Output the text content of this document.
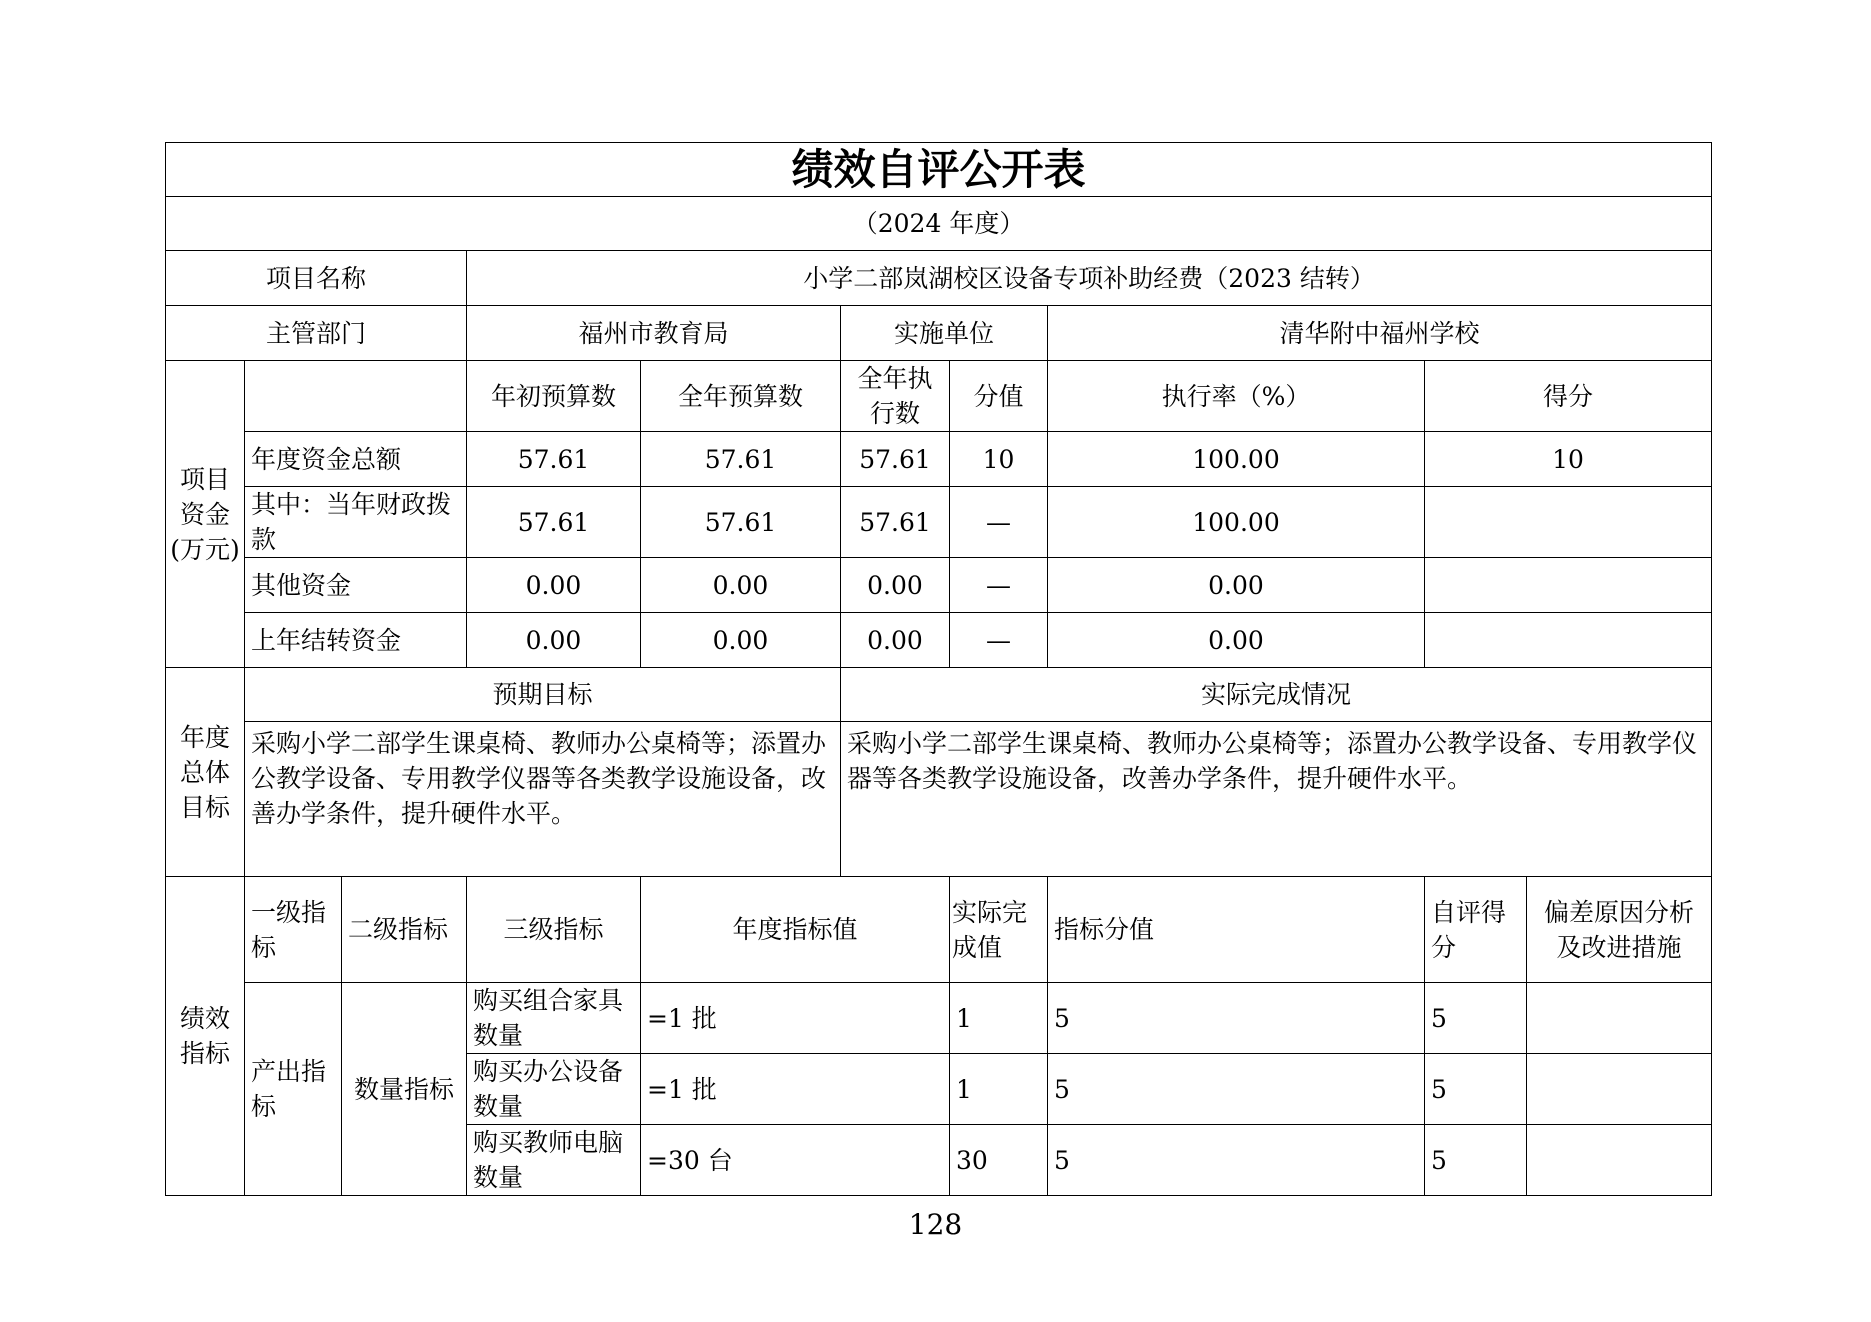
绩效自评公开表									
（2024 年度）									
项目名称			小学二部岚湖校区设备专项补助经费（2023 结转）						
主管部门			福州市教育局		实施单位		清华附中福州学校		
项目资金(万元)			年初预算数	全年预算数	全年执行数	分值	执行率（%）	得分	
	年度资金总额		57.61	57.61	57.61	10	100.00	10	
	其中：当年财政拨款		57.61	57.61	57.61	—	100.00		
	其他资金		0.00	0.00	0.00	—	0.00		
	上年结转资金		0.00	0.00	0.00	—	0.00		
年度总体目标	预期目标				实际完成情况				
	采购小学二部学生课桌椅、教师办公桌椅等；添置办公教学设备、专用教学仪器等各类教学设施设备，改善办学条件，提升硬件水平。				采购小学二部学生课桌椅、教师办公桌椅等；添置办公教学设备、专用教学仪器等各类教学设施设备，改善办学条件，提升硬件水平。				
绩效指标	一级指标	二级指标	三级指标	年度指标值		实际完成值	指标分值	自评得分	偏差原因分析及改进措施
	产出指标	数量指标	购买组合家具数量	=1 批		1	5	5	
			购买办公设备数量	=1 批		1	5	5	
			购买教师电脑数量	=30 台		30	5	5	
128
